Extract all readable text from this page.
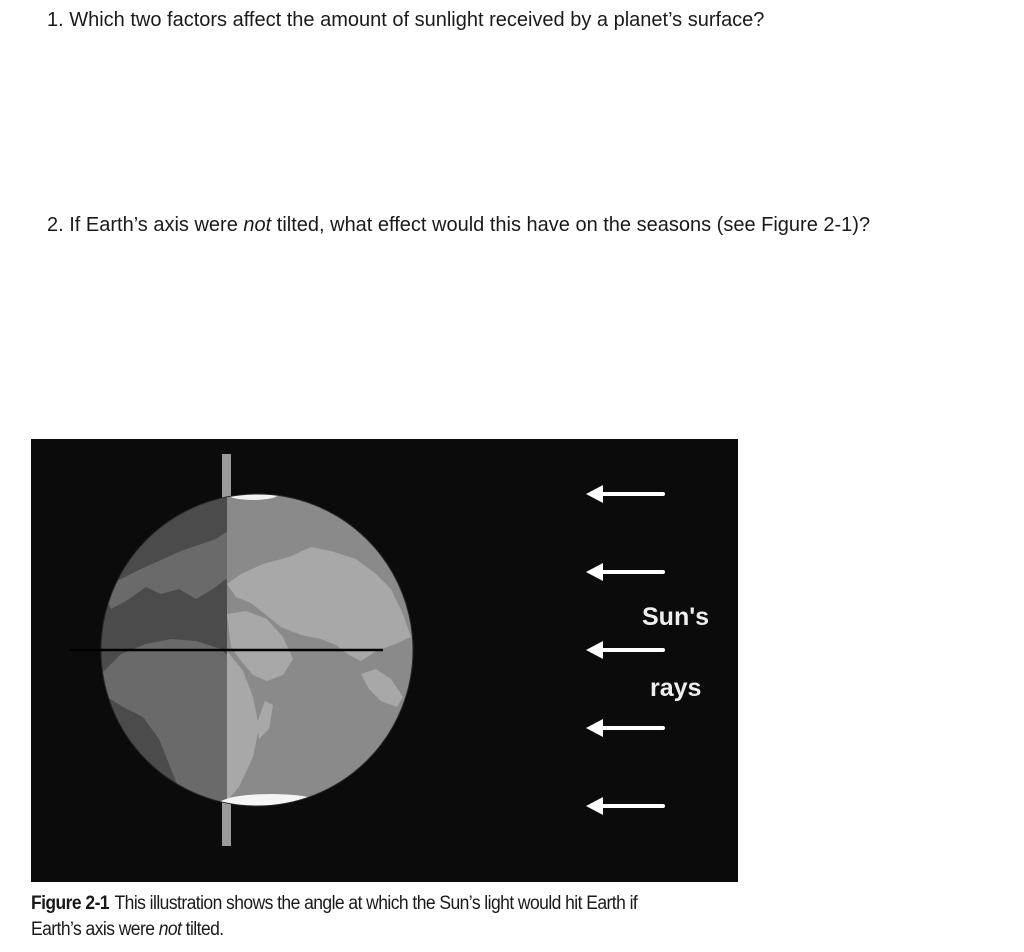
1. Which two factors affect the amount of sunlight received by a planet’s surface?
2. If Earth’s axis were not tilted, what effect would this have on the seasons (see Figure 2-1)?
Sun's
rays
Figure 2-1 This illustration shows the angle at which the Sun’s light would hit Earth if
Earth’s axis were not tilted.
